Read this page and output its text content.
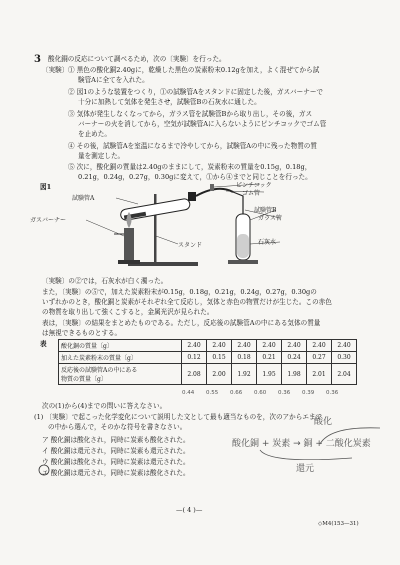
3 酸化銅の反応について調べるため，次の〔実験〕を行った。
〔実験〕 ① 黒色の酸化銅2.40gに，乾燥した黒色の炭素粉末0.12gを加え，よく混ぜてから試
験管Aに全てを入れた。
② 図1のような装置をつくり，①の試験管Aをスタンドに固定した後，ガスバーナーで
十分に加熱して気体を発生させ，試験管Bの石灰水に通した。
③ 気体が発生しなくなってから，ガラス管を試験管Bから取り出し，その後，ガス
バーナーの火を消してから，空気が試験管Aに入らないようにピンチコックでゴム管
を止めた。
④ その後，試験管Aを室温になるまで冷やしてから，試験管Aの中に残った物質の質
量を測定した。
⑤ 次に，酸化銅の質量は2.40gのままにして，炭素粉末の質量を0.15g，0.18g，
0.21g，0.24g，0.27g，0.30gに変えて，①から④までと同じことを行った。
図1
試験管A
ピンチコック
ゴム管
試験管B
ガラス管
ガスバーナー
スタンド	石灰水
〔実験〕の②では，石灰水が白く濁った。
また，〔実験〕の⑤で，加えた炭素粉末が0.15g，0.18g，0.21g，0.24g，0.27g，0.30gの
いずれかのとき，酸化銅と炭素がそれぞれ全て反応し，気体と赤色の物質だけが生じた。この赤色
の物質を取り出して強くこすると，金属光沢が見られた。
表は，〔実験〕の結果をまとめたものである。ただし，反応後の試験管Aの中にある気体の質量
は無視できるものとする。
表 酸化銅の質量〔g〕	2.40	2.40	2.40	2.40	2.40	2.40	2.40
加えた炭素粉末の質量〔g〕	0.12	0.15	0.18	0.21	0.24	0.27	0.30
反応後の試験管Aの中にある
物質の質量〔g〕	2.08	2.00	1.92	1.95	1.98	2.01	2.04
0.44 0.55 0.66 0.60 0.36 0.39 0.36
次の(1)から(4)までの問いに答えなさい。
(1) 〔実験〕で起こった化学変化について説明した文として最も適当なものを，次のアからエまで
の中から選んで，そのかな符号を書きなさい。
ア 酸化銅は酸化され，同時に炭素も酸化された。
イ 酸化銅は還元され，同時に炭素も還元された。
ウ 酸化銅は酸化され，同時に炭素は還元された。
エ 酸化銅は還元され，同時に炭素は酸化された。
酸化
酸化銅 + 炭素 → 銅 + 二酸化炭素
還元
—( 4 )—
◇M4(153—31)
